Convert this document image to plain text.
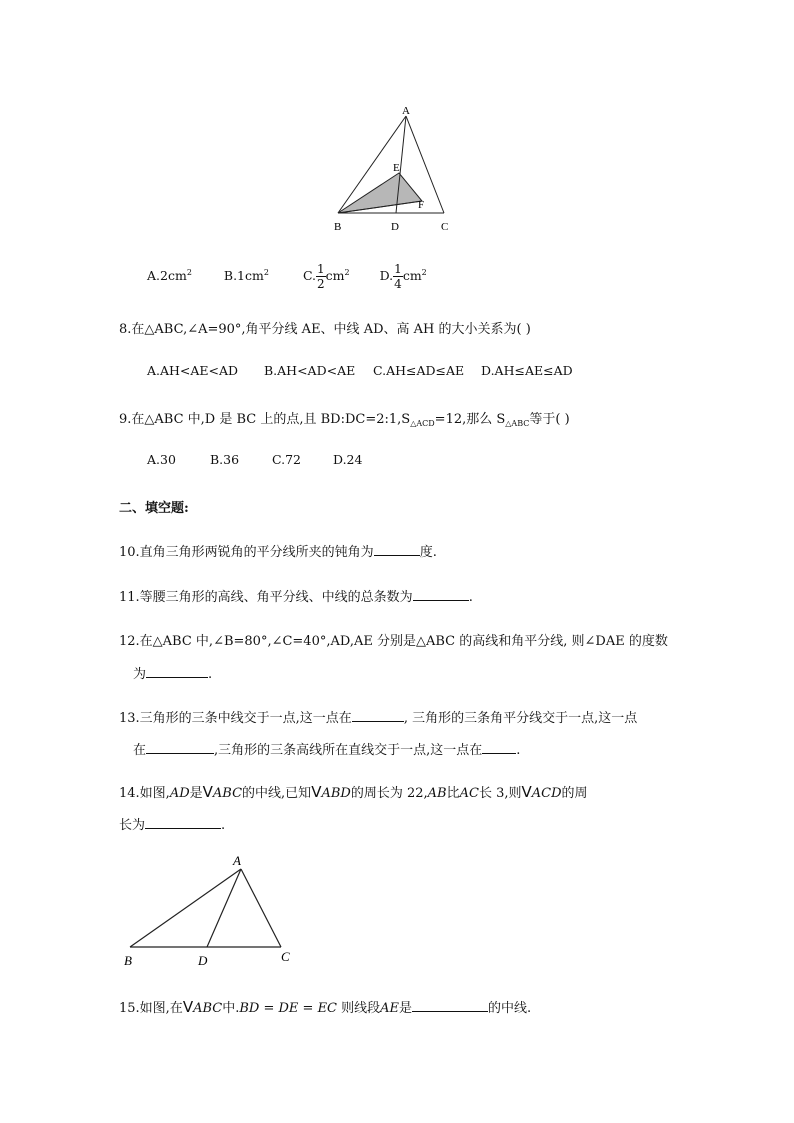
A
E
F
B	D	C
$A.2cm^2$	$B.1cm^2$	C. $\frac{1}{2} cm^2$ D. $\frac{1}{4} cm^2$
8.在△ABC,∠A=90°,角平分线 AE、中线 AD、高 AH 的大小关系为( )
A.AH<AE<AD B.AH<AD<AE C.AH≤AD≤AE D.AH≤AE≤AD
9.在△ABC 中,D 是 BC 上的点,且 $BD:DC=2:1,S_{\triangle ACD}=12$,那么 $S_{\triangle ABC}$等于( )
A.30	B.36	C.72	D.24
二、填空题:
10.直角三角形两锐角的平分线所夹的钝角为	度.
11.等腰三角形的高线、角平分线、中线的总条数为	.
12.在△ABC 中,∠B=80°,∠C=40°,AD,AE 分别是△ABC 的高线和角平分线, 则∠DAE 的度数
为	.
13.三角形的三条中线交于一点,这一点在	, 三角形的三条角平分线交于一点,这一点
在	,三角形的三条高线所在直线交于一点,这一点在	.
14.如图,AD是VABC的中线,已知VABD的周长为 22,AB比AC长 3,则VACD的周
长为	.
A
B	D	C
15.如图,在VABC中.BD = DE = EC 则线段AE是	的中线.
